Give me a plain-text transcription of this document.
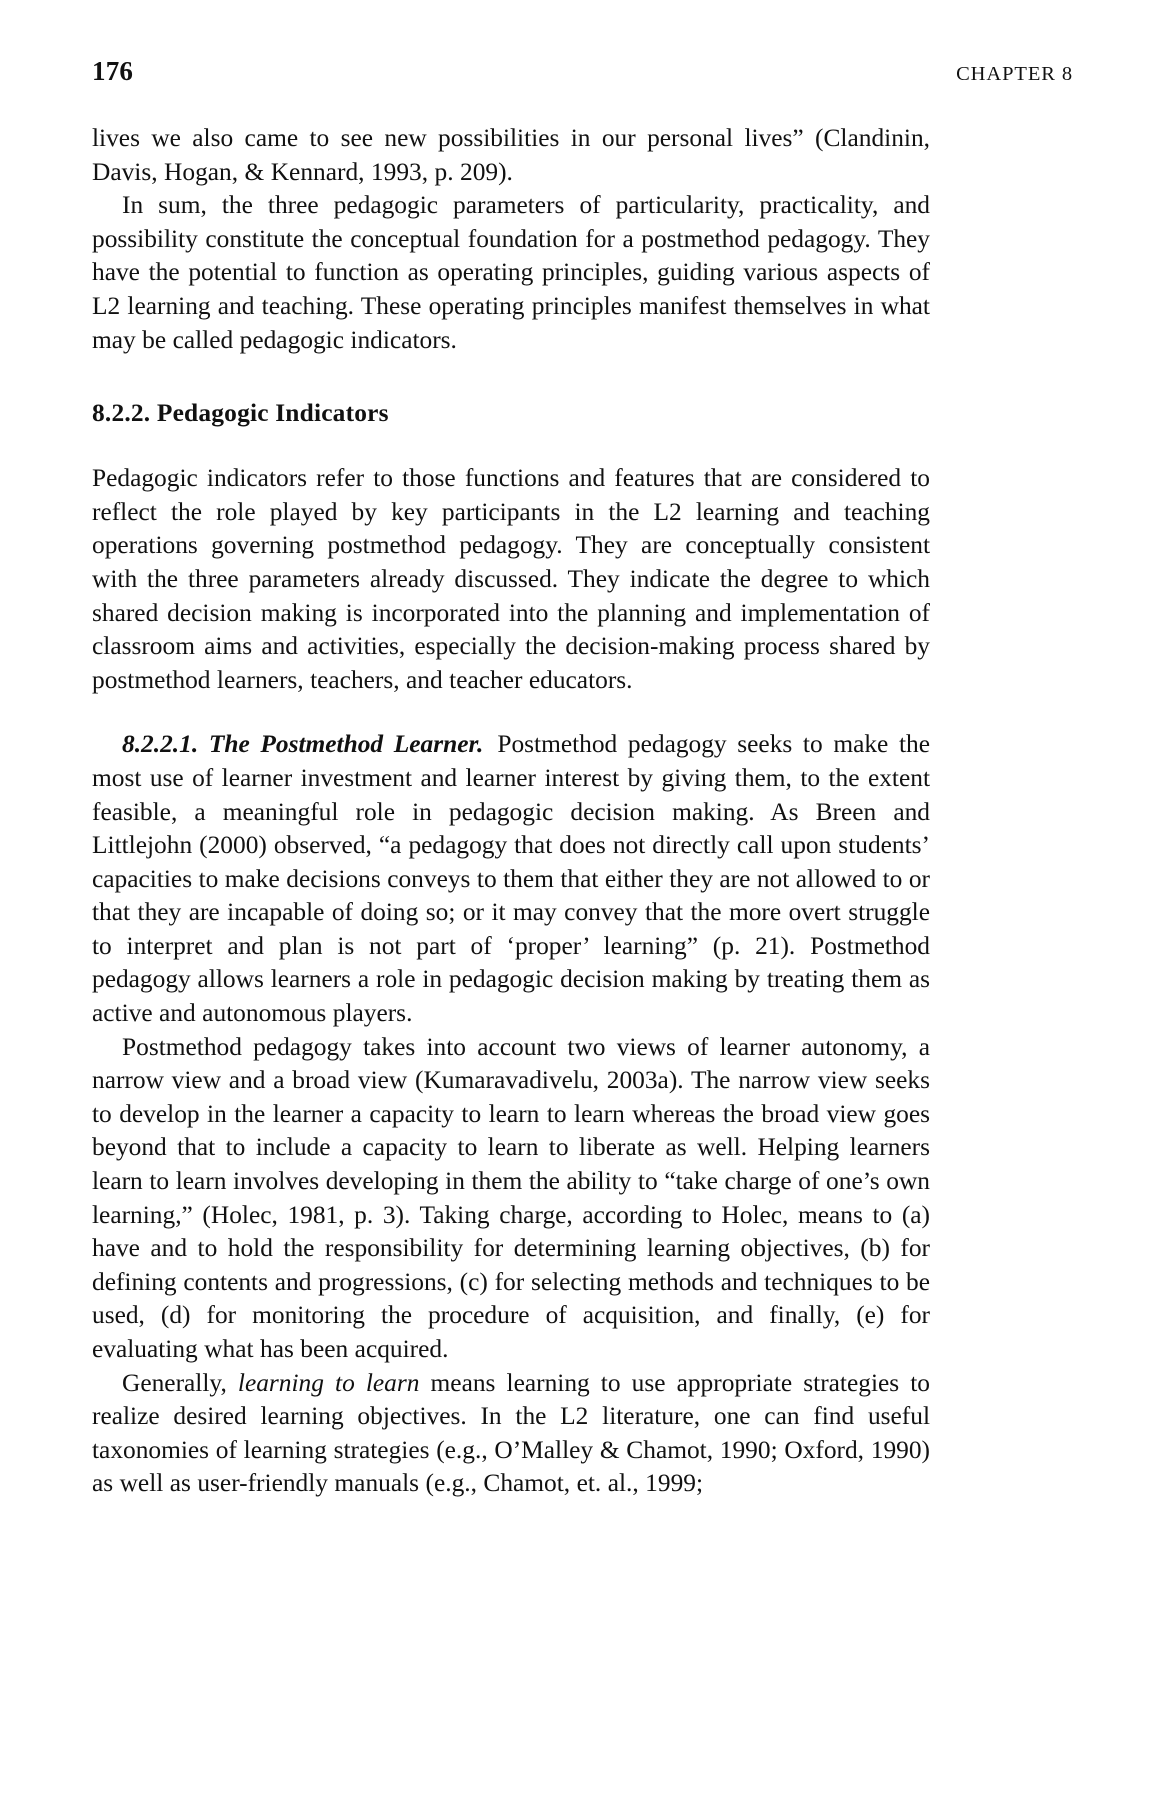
176	CHAPTER 8

lives we also came to see new possibilities in our personal lives” (Clandinin, Davis, Hogan, & Kennard, 1993, p. 209).

In sum, the three pedagogic parameters of particularity, practicality, and possibility constitute the conceptual foundation for a postmethod pedagogy. They have the potential to function as operating principles, guiding various aspects of L2 learning and teaching. These operating principles manifest themselves in what may be called pedagogic indicators.

8.2.2. Pedagogic Indicators

Pedagogic indicators refer to those functions and features that are considered to reflect the role played by key participants in the L2 learning and teaching operations governing postmethod pedagogy. They are conceptually consistent with the three parameters already discussed. They indicate the degree to which shared decision making is incorporated into the planning and implementation of classroom aims and activities, especially the decision-making process shared by postmethod learners, teachers, and teacher educators.

8.2.2.1. The Postmethod Learner. Postmethod pedagogy seeks to make the most use of learner investment and learner interest by giving them, to the extent feasible, a meaningful role in pedagogic decision making. As Breen and Littlejohn (2000) observed, “a pedagogy that does not directly call upon students’ capacities to make decisions conveys to them that either they are not allowed to or that they are incapable of doing so; or it may convey that the more overt struggle to interpret and plan is not part of ‘proper’ learning” (p. 21). Postmethod pedagogy allows learners a role in pedagogic decision making by treating them as active and autonomous players.

Postmethod pedagogy takes into account two views of learner autonomy, a narrow view and a broad view (Kumaravadivelu, 2003a). The narrow view seeks to develop in the learner a capacity to learn to learn whereas the broad view goes beyond that to include a capacity to learn to liberate as well. Helping learners learn to learn involves developing in them the ability to “take charge of one’s own learning,” (Holec, 1981, p. 3). Taking charge, according to Holec, means to (a) have and to hold the responsibility for determining learning objectives, (b) for defining contents and progressions, (c) for selecting methods and techniques to be used, (d) for monitoring the procedure of acquisition, and finally, (e) for evaluating what has been acquired.

Generally, learning to learn means learning to use appropriate strategies to realize desired learning objectives. In the L2 literature, one can find useful taxonomies of learning strategies (e.g., O’Malley & Chamot, 1990; Oxford, 1990) as well as user-friendly manuals (e.g., Chamot, et. al., 1999;
